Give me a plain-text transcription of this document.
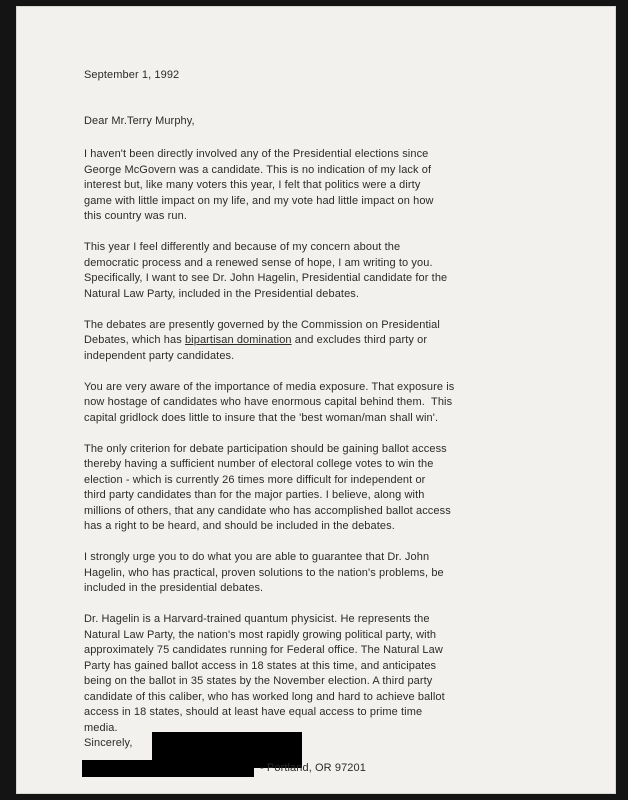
September 1, 1992
Dear Mr.Terry Murphy,
I haven't been directly involved any of the Presidential elections since
George McGovern was a candidate. This is no indication of my lack of
interest but, like many voters this year, I felt that politics were a dirty
game with little impact on my life, and my vote had little impact on how
this country was run.
This year I feel differently and because of my concern about the
democratic process and a renewed sense of hope, I am writing to you.
Specifically, I want to see Dr. John Hagelin, Presidential candidate for the
Natural Law Party, included in the Presidential debates.
The debates are presently governed by the Commission on Presidential
Debates, which has bipartisan domination and excludes third party or
independent party candidates.
You are very aware of the importance of media exposure. That exposure is
now hostage of candidates who have enormous capital behind them.  This
capital gridlock does little to insure that the 'best woman/man shall win'.
The only criterion for debate participation should be gaining ballot access
thereby having a sufficient number of electoral college votes to win the
election - which is currently 26 times more difficult for independent or
third party candidates than for the major parties. I believe, along with
millions of others, that any candidate who has accomplished ballot access
has a right to be heard, and should be included in the debates.
I strongly urge you to do what you are able to guarantee that Dr. John
Hagelin, who has practical, proven solutions to the nation's problems, be
included in the presidential debates.
Dr. Hagelin is a Harvard-trained quantum physicist. He represents the
Natural Law Party, the nation's most rapidly growing political party, with
approximately 75 candidates running for Federal office. The Natural Law
Party has gained ballot access in 18 states at this time, and anticipates
being on the ballot in 35 states by the November election. A third party
candidate of this caliber, who has worked long and hard to achieve ballot
access in 18 states, should at least have equal access to prime time
media.
Sincerely,
- Portland, OR 97201
